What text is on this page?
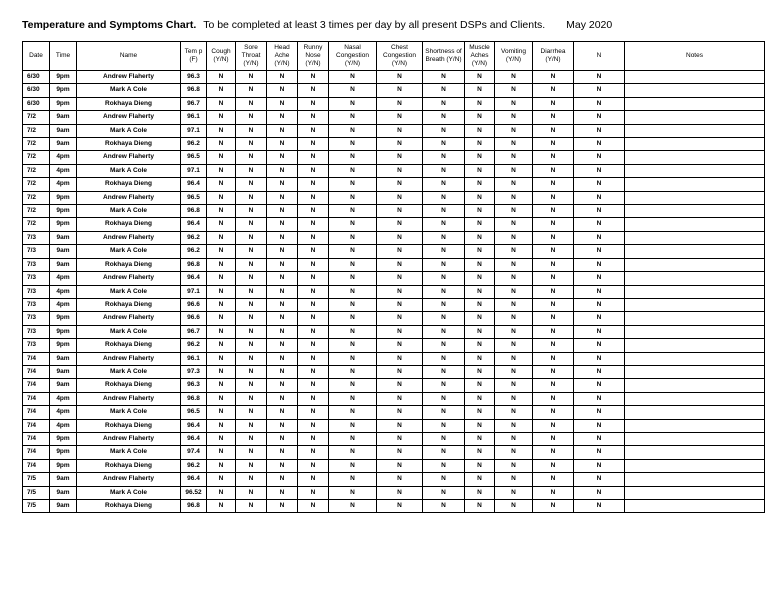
Temperature and Symptoms Chart. To be completed at least 3 times per day by all present DSPs and Clients. May 2020
Date	Time	Name	Tem p (F)	Cough (Y/N)	Sore Throat (Y/N)	Head Ache (Y/N)	Runny Nose (Y/N)	Nasal Congestion (Y/N)	Chest Congestion (Y/N)	Shortness of Breath (Y/N)	Muscle Aches (Y/N)	Vomiting (Y/N)	Diarrhea (Y/N)	N	Notes
6/30	9pm	Andrew Flaherty	96.3	N	N	N	N	N	N	N	N	N	N	N	
6/30	9pm	Mark A Cole	96.8	N	N	N	N	N	N	N	N	N	N	N	
6/30	9pm	Rokhaya Dieng	96.7	N	N	N	N	N	N	N	N	N	N	N	
7/2	9am	Andrew Flaherty	96.1	N	N	N	N	N	N	N	N	N	N	N	
7/2	9am	Mark A Cole	97.1	N	N	N	N	N	N	N	N	N	N	N	
7/2	9am	Rokhaya Dieng	96.2	N	N	N	N	N	N	N	N	N	N	N	
7/2	4pm	Andrew Flaherty	96.5	N	N	N	N	N	N	N	N	N	N	N	
7/2	4pm	Mark A Cole	97.1	N	N	N	N	N	N	N	N	N	N	N	
7/2	4pm	Rokhaya Dieng	96.4	N	N	N	N	N	N	N	N	N	N	N	
7/2	9pm	Andrew Flaherty	96.5	N	N	N	N	N	N	N	N	N	N	N	
7/2	9pm	Mark A Cole	96.8	N	N	N	N	N	N	N	N	N	N	N	
7/2	9pm	Rokhaya Dieng	96.4	N	N	N	N	N	N	N	N	N	N	N	
7/3	9am	Andrew Flaherty	96.2	N	N	N	N	N	N	N	N	N	N	N	
7/3	9am	Mark A Cole	96.2	N	N	N	N	N	N	N	N	N	N	N	
7/3	9am	Rokhaya Dieng	96.8	N	N	N	N	N	N	N	N	N	N	N	
7/3	4pm	Andrew Flaherty	96.4	N	N	N	N	N	N	N	N	N	N	N	
7/3	4pm	Mark A Cole	97.1	N	N	N	N	N	N	N	N	N	N	N	
7/3	4pm	Rokhaya Dieng	96.6	N	N	N	N	N	N	N	N	N	N	N	
7/3	9pm	Andrew Flaherty	96.6	N	N	N	N	N	N	N	N	N	N	N	
7/3	9pm	Mark A Cole	96.7	N	N	N	N	N	N	N	N	N	N	N	
7/3	9pm	Rokhaya Dieng	96.2	N	N	N	N	N	N	N	N	N	N	N	
7/4	9am	Andrew Flaherty	96.1	N	N	N	N	N	N	N	N	N	N	N	
7/4	9am	Mark A Cole	97.3	N	N	N	N	N	N	N	N	N	N	N	
7/4	9am	Rokhaya Dieng	96.3	N	N	N	N	N	N	N	N	N	N	N	
7/4	4pm	Andrew Flaherty	96.8	N	N	N	N	N	N	N	N	N	N	N	
7/4	4pm	Mark A Cole	96.5	N	N	N	N	N	N	N	N	N	N	N	
7/4	4pm	Rokhaya Dieng	96.4	N	N	N	N	N	N	N	N	N	N	N	
7/4	9pm	Andrew Flaherty	96.4	N	N	N	N	N	N	N	N	N	N	N	
7/4	9pm	Mark A Cole	97.4	N	N	N	N	N	N	N	N	N	N	N	
7/4	9pm	Rokhaya Dieng	96.2	N	N	N	N	N	N	N	N	N	N	N	
7/5	9am	Andrew Flaherty	96.4	N	N	N	N	N	N	N	N	N	N	N	
7/5	9am	Mark A Cole	96.52	N	N	N	N	N	N	N	N	N	N	N	
7/5	9am	Rokhaya Dieng	96.8	N	N	N	N	N	N	N	N	N	N	N	
